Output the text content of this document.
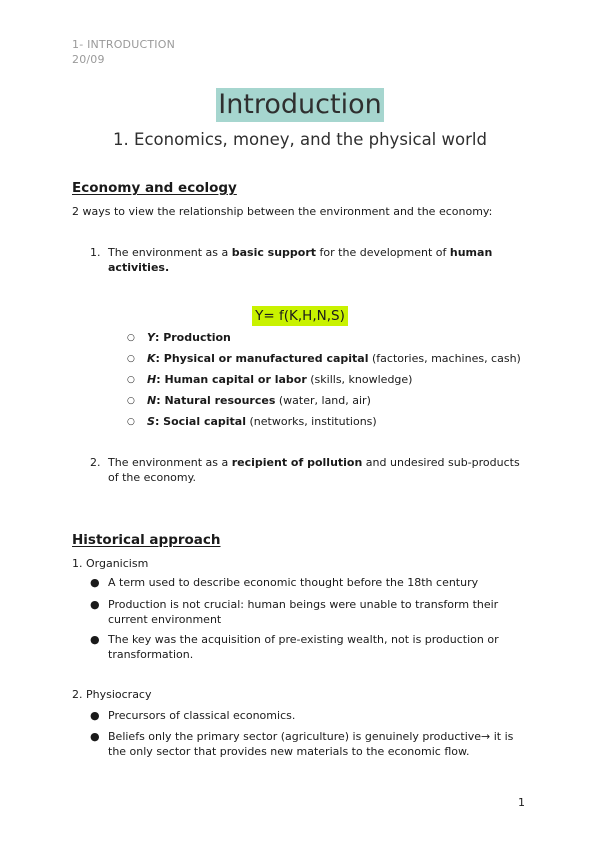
1- INTRODUCTION
20/09
Introduction
1. Economics, money, and the physical world
Economy and ecology
2 ways to view the relationship between the environment and the economy:
1. The environment as a basic support for the development of human activities.
Y= f(K,H,N,S)
○ Y: Production
○ K: Physical or manufactured capital (factories, machines, cash)
○ H: Human capital or labor (skills, knowledge)
○ N: Natural resources (water, land, air)
○ S: Social capital (networks, institutions)
2. The environment as a recipient of pollution and undesired sub-products of the economy.
Historical approach
1. Organicism
● A term used to describe economic thought before the 18th century
● Production is not crucial: human beings were unable to transform their current environment
● The key was the acquisition of pre-existing wealth, not is production or transformation.
2. Physiocracy
● Precursors of classical economics.
● Beliefs only the primary sector (agriculture) is genuinely productive→ it is the only sector that provides new materials to the economic flow.
1
